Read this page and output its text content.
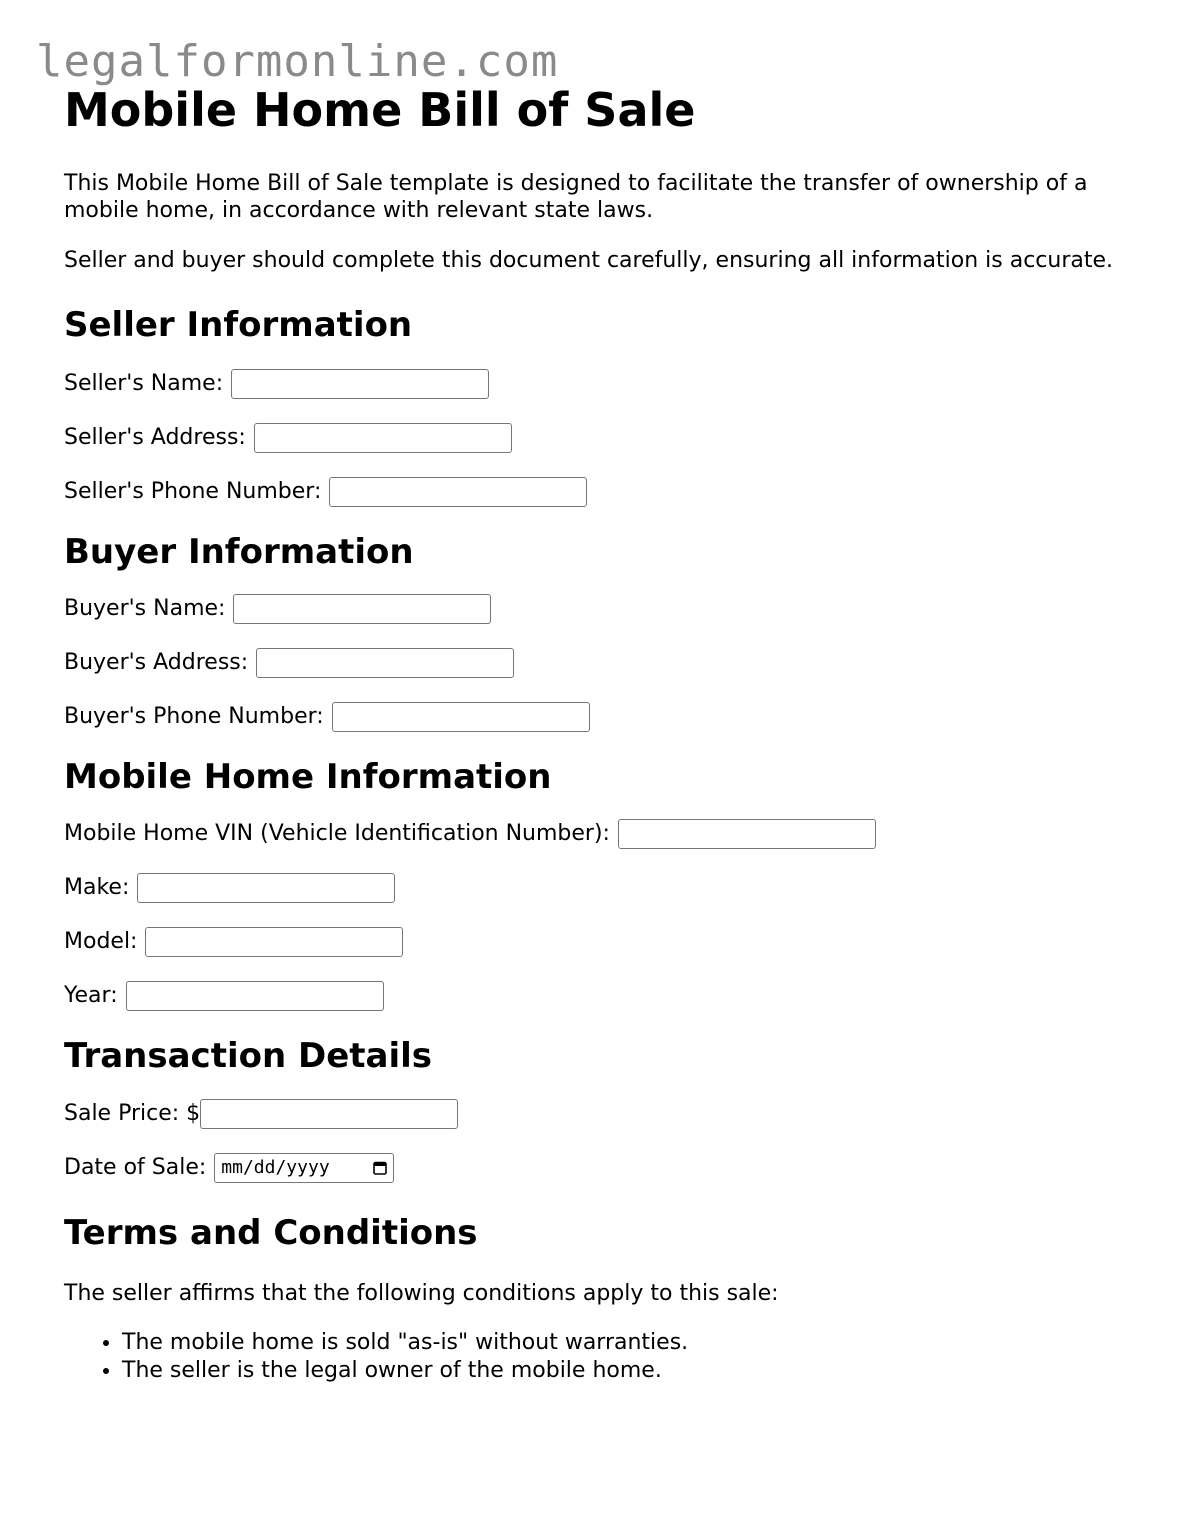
legalformonline.com
Mobile Home Bill of Sale

This Mobile Home Bill of Sale template is designed to facilitate the transfer of ownership of a mobile home, in accordance with relevant state laws.

Seller and buyer should complete this document carefully, ensuring all information is accurate.

Seller Information
Seller's Name:
Seller's Address:
Seller's Phone Number:
Buyer Information
Buyer's Name:
Buyer's Address:
Buyer's Phone Number:
Mobile Home Information
Mobile Home VIN (Vehicle Identification Number):
Make:
Model:
Year:
Transaction Details
Sale Price: $
Date of Sale: mm/dd/yyyy
Terms and Conditions

The seller affirms that the following conditions apply to this sale:

• The mobile home is sold "as-is" without warranties.
• The seller is the legal owner of the mobile home.
